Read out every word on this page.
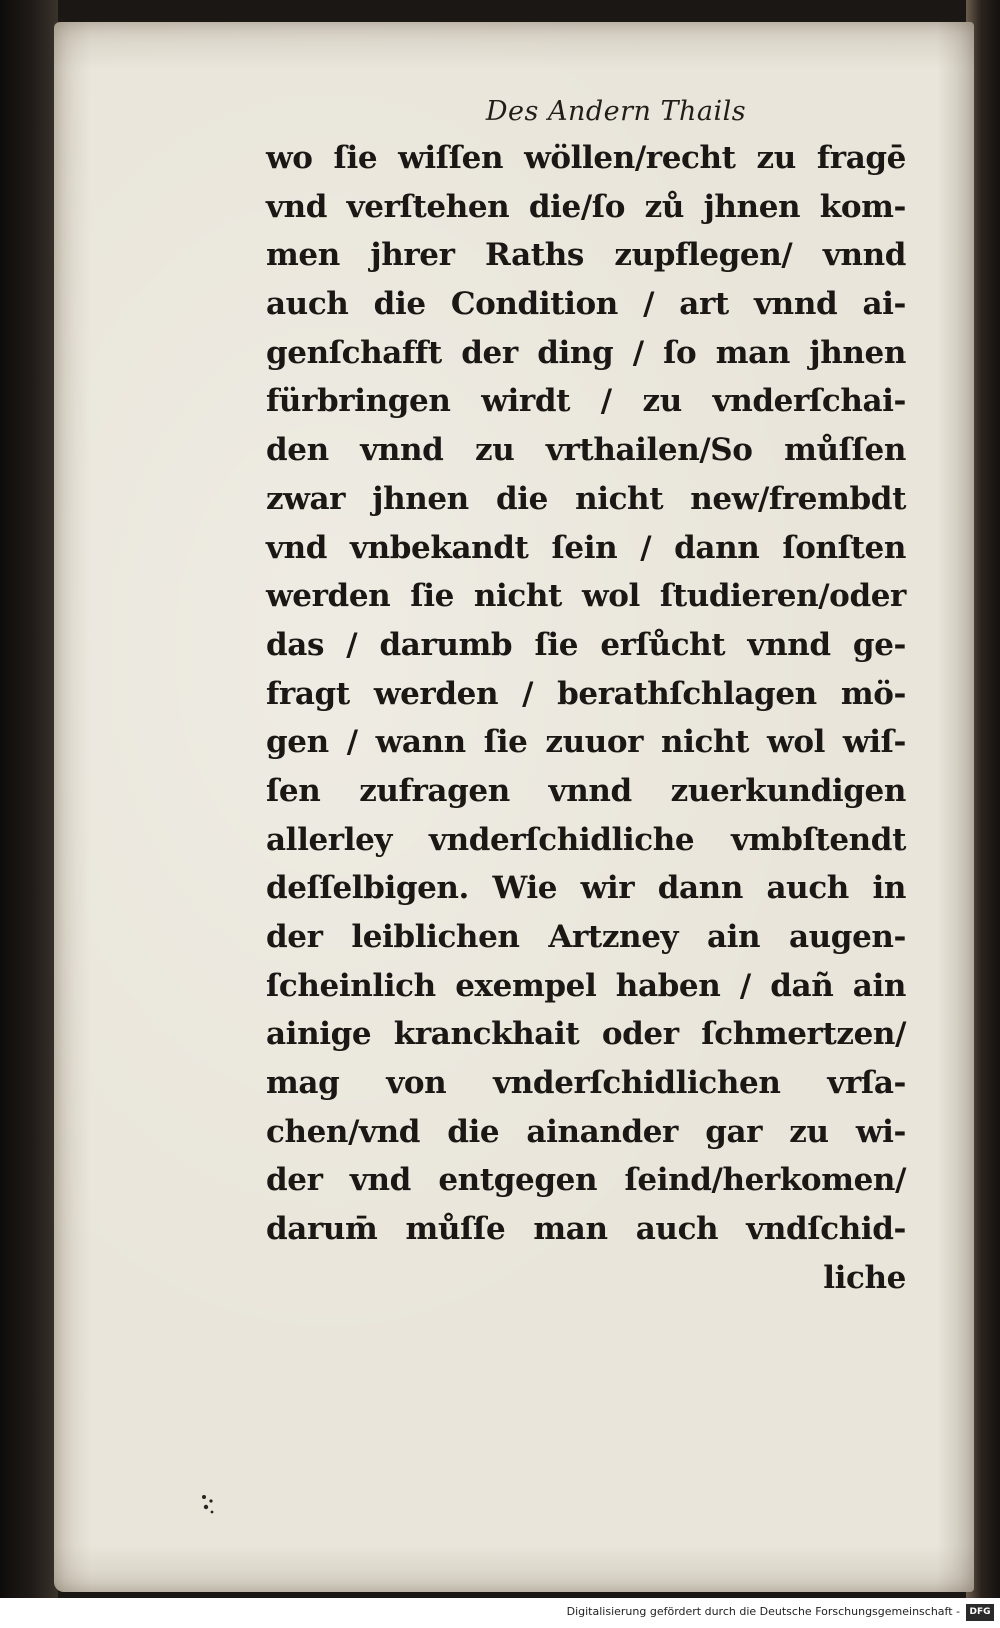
Des Andern Thails
wo ſie wiſſen wöllen/recht zu fragē
vnd verſtehen die/ſo zů jhnen kom-
men jhrer Raths zupflegen/ vnnd
auch die Condition / art vnnd ai-
genſchafft der ding / ſo man jhnen
fürbringen wirdt / zu vnderſchai-
den vnnd zu vrthailen/So můſſen
zwar jhnen die nicht new/frembdt
vnd vnbekandt ſein / dann ſonſten
werden ſie nicht wol ſtudieren/oder
das / darumb ſie erſůcht vnnd ge-
fragt werden / berathſchlagen mö-
gen / wann ſie zuuor nicht wol wiſ-
ſen zufragen vnnd zuerkundigen
allerley vnderſchidliche vmbſtendt
deſſelbigen. Wie wir dann auch in
der leiblichen Artzney ain augen-
ſcheinlich exempel haben / dañ ain
ainige kranckhait oder ſchmertzen/
mag von vnderſchidlichen vrſa-
chen/vnd die ainander gar zu wi-
der vnd entgegen ſeind/herkomen/
darum̄ můſſe man auch vndſchid-
liche
Digitalisierung gefördert durch die Deutsche Forschungsgemeinschaft -	DFG
